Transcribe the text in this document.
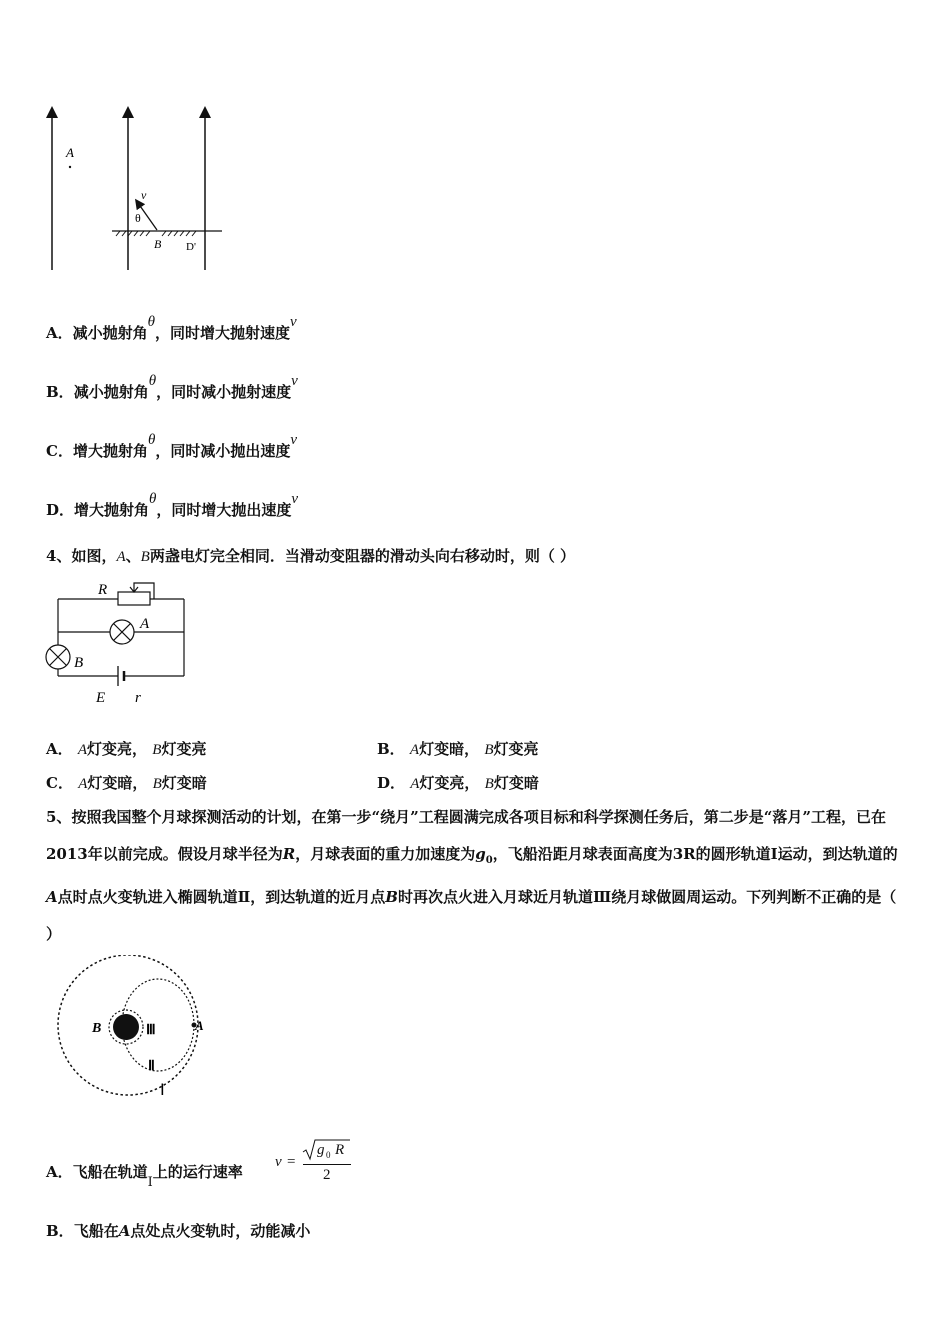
A
v
θ
B D'
A．减小抛射角θ，同时增大抛射速度v
B．减小抛射角θ，同时减小抛射速度v
C．增大抛射角θ，同时减小抛出速度v
D．增大抛射角θ，同时增大抛出速度v
4、如图，A、B两盏电灯完全相同．当滑动变阻器的滑动头向右移动时，则（ ）
R
A
B
E r
A． A灯变亮， B灯变亮	B． A灯变暗， B灯变亮
C． A灯变暗， B灯变暗	D． A灯变亮， B灯变暗
5、按照我国整个月球探测活动的计划，在第一步“绕月”工程圆满完成各项目标和科学探测任务后，第二步是“落月”工程，已在2013年以前完成。假设月球半径为R，月球表面的重力加速度为$g_0$，飞船沿距月球表面高度为3R的圆形轨道Ⅰ运动，到达轨道的A点时点火变轨进入椭圆轨道Ⅱ，到达轨道的近月点B时再次点火进入月球近月轨道Ⅲ绕月球做圆周运动。下列判断不正确的是（ ）
B	Ⅲ	A
Ⅱ
Ⅰ
A．飞船在轨道Ⅰ上的运行速率
v =
g 0 R
2
B．飞船在A点处点火变轨时，动能减小
